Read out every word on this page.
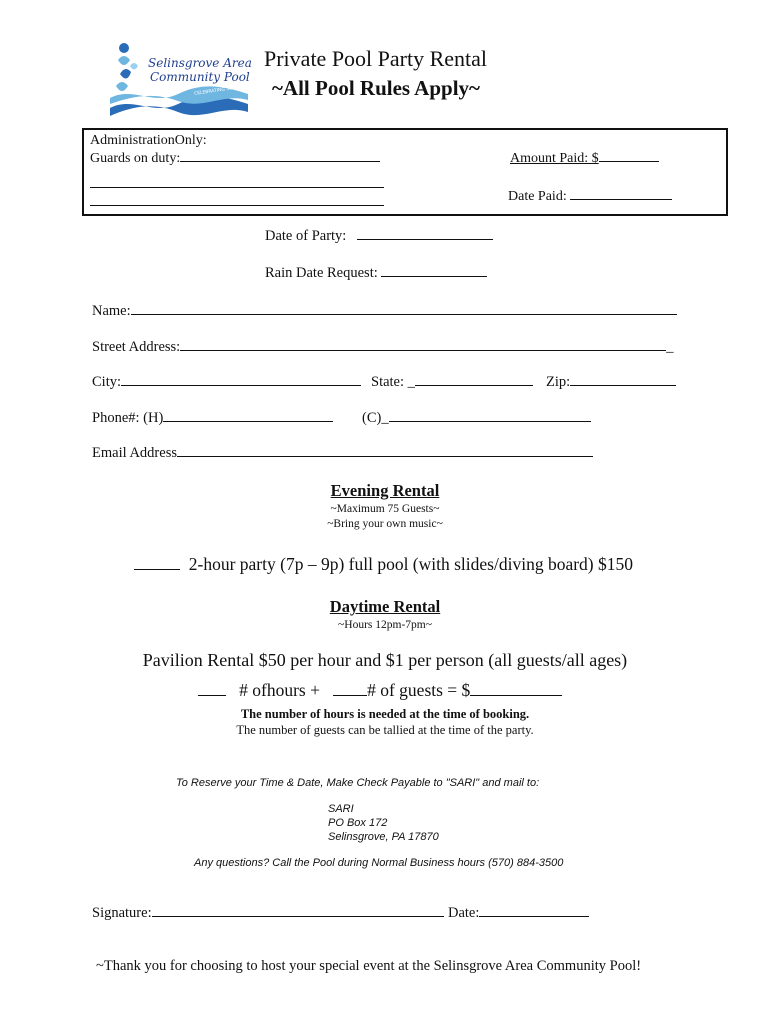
Selinsgrove Area
Community Pool
CELEBRATING 50 YEARS
Private Pool Party Rental
~All Pool Rules Apply~
AdministrationOnly:
Guards on duty:	Amount Paid: $
Date Paid:
Date of Party:
Rain Date Request:
Name:
Street Address:	_
City:	State: _	Zip:
Phone#: (H)	(C)_
Email Address
Evening Rental
~Maximum 75 Guests~
~Bring your own music~
2-hour party (7p – 9p) full pool (with slides/diving board) $150
Daytime Rental
~Hours 12pm-7pm~
Pavilion Rental $50 per hour and $1 per person (all guests/all ages)
# ofhours +	# of guests = $
The number of hours is needed at the time of booking.
The number of guests can be tallied at the time of the party.
To Reserve your Time & Date, Make Check Payable to "SARI" and mail to:
SARI
PO Box 172
Selinsgrove, PA 17870
Any questions? Call the Pool during Normal Business hours (570) 884-3500
Signature:	Date:
~Thank you for choosing to host your special event at the Selinsgrove Area Community Pool!
